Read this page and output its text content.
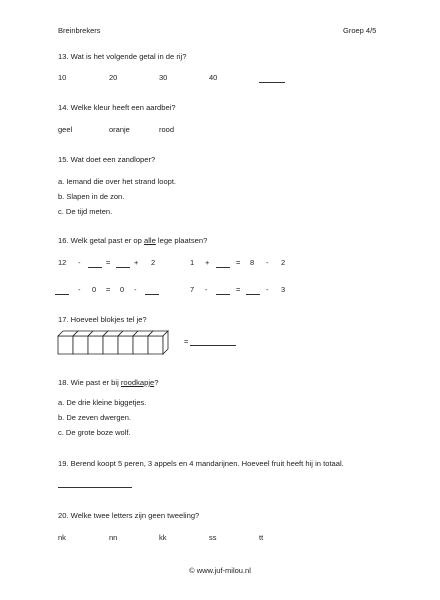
Breinbrekers	Groep 4/5
13. Wat is het volgende getal in de rij?
10	20	30	40
14. Welke kleur heeft een aardbei?
geel	oranje	rood
15. Wat doet een zandloper?
a. Iemand die over het strand loopt.
b. Slapen in de zon.
c. De tijd meten.
16. Welk getal past er op alle lege plaatsen?
12 -	=	+ 2	1 +	= 8 - 2
- 0 = 0 -	7 -	=	- 3
17. Hoeveel blokjes tel je?
=
18. Wie past er bij roodkapje?
a. De drie kleine biggetjes.
b. De zeven dwergen.
c. De grote boze wolf.
19. Berend koopt 5 peren, 3 appels en 4 mandarijnen. Hoeveel fruit heeft hij in totaal.
20. Welke twee letters zijn geen tweeling?
nk	nn	kk	ss	tt
© www.juf-milou.nl
